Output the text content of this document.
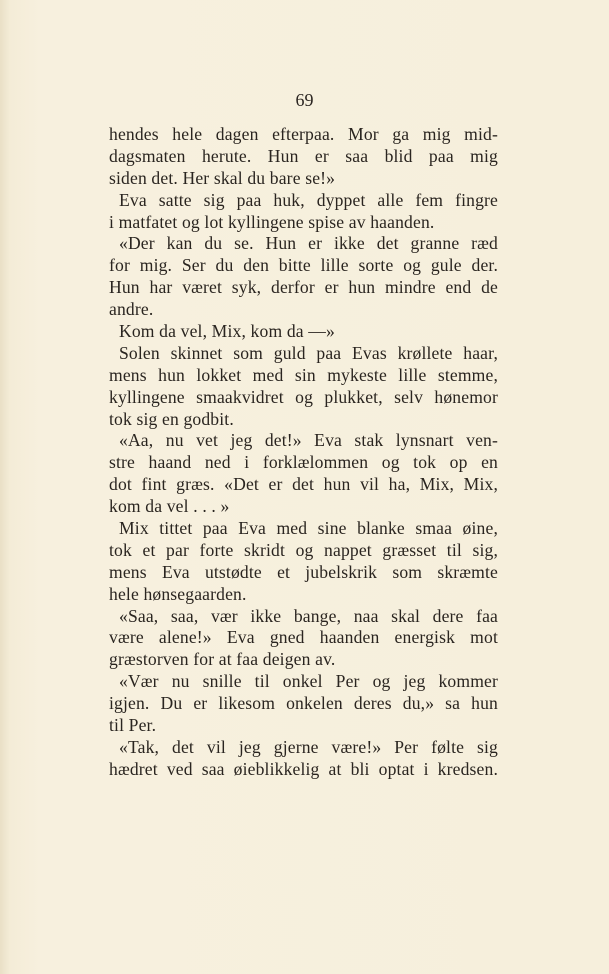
69
hendes hele dagen efterpaa. Mor ga mig mid-
dagsmaten herute. Hun er saa blid paa mig
siden det. Her skal du bare se!»
Eva satte sig paa huk, dyppet alle fem fingre
i matfatet og lot kyllingene spise av haanden.
«Der kan du se. Hun er ikke det granne ræd
for mig. Ser du den bitte lille sorte og gule der.
Hun har været syk, derfor er hun mindre end de
andre.
Kom da vel, Mix, kom da —»
Solen skinnet som guld paa Evas krøllete haar,
mens hun lokket med sin mykeste lille stemme,
kyllingene smaakvidret og plukket, selv hønemor
tok sig en godbit.
«Aa, nu vet jeg det!» Eva stak lynsnart ven-
stre haand ned i forklælommen og tok op en
dot fint græs. «Det er det hun vil ha, Mix, Mix,
kom da vel . . . »
Mix tittet paa Eva med sine blanke smaa øine,
tok et par forte skridt og nappet græsset til sig,
mens Eva utstødte et jubelskrik som skræmte
hele hønsegaarden.
«Saa, saa, vær ikke bange, naa skal dere faa
være alene!» Eva gned haanden energisk mot
græstorven for at faa deigen av.
«Vær nu snille til onkel Per og jeg kommer
igjen. Du er likesom onkelen deres du,» sa hun
til Per.
«Tak, det vil jeg gjerne være!» Per følte sig
hædret ved saa øieblikkelig at bli optat i kredsen.
